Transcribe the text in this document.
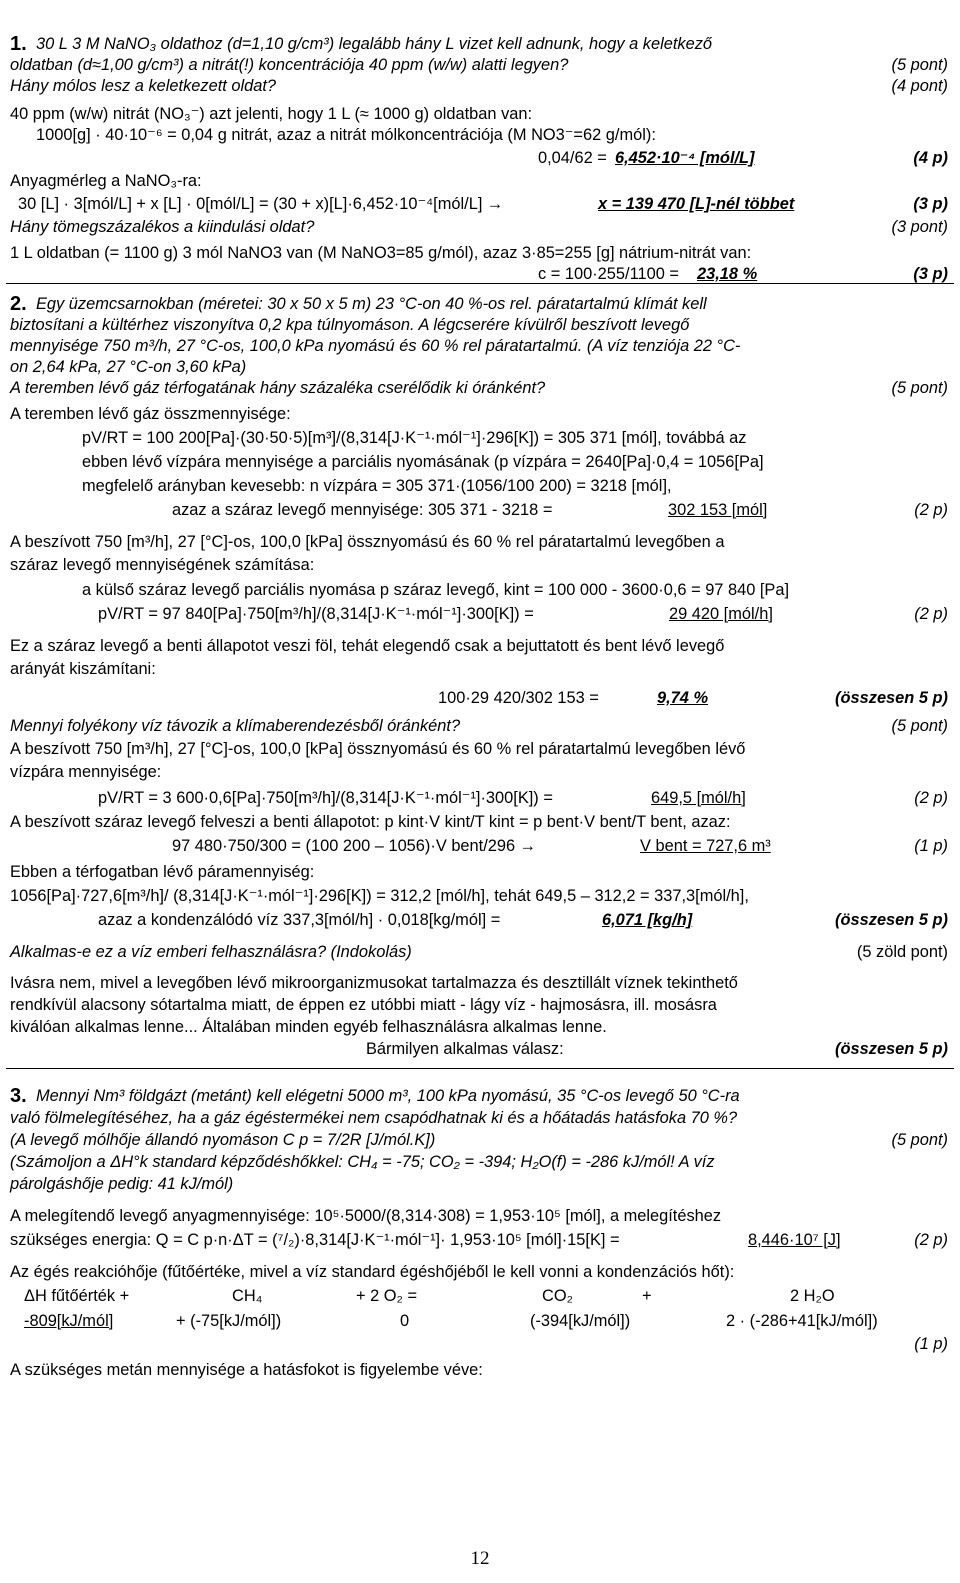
1. 30 L 3 M NaNO₃ oldathoz (d=1,10 g/cm³) legalább hány L vizet kell adnunk, hogy a keletkező
oldatban (d≈1,00 g/cm³) a nitrát(!) koncentrációja 40 ppm (w/w) alatti legyen?	(5 pont)
Hány mólos lesz a keletkezett oldat?	(4 pont)
40 ppm (w/w) nitrát (NO₃⁻) azt jelenti, hogy 1 L (≈ 1000 g) oldatban van:
1000[g] · 40·10⁻⁶ = 0,04 g nitrát, azaz a nitrát mólkoncentrációja (M NO3⁻=62 g/mól):
0,04/62 = 6,452·10⁻⁴ [mól/L]	(4 p)
Anyagmérleg a NaNO₃-ra:
30 [L] · 3[mól/L] + x [L] · 0[mól/L] = (30 + x)[L]·6,452·10⁻⁴[mól/L] →	x = 139 470 [L]-nél többet	(3 p)
Hány tömegszázalékos a kiindulási oldat?	(3 pont)
1 L oldatban (= 1100 g) 3 mól NaNO3 van (M NaNO3=85 g/mól), azaz 3·85=255 [g] nátrium-nitrát van:
c = 100·255/1100 = 23,18 %	(3 p)
2. Egy üzemcsarnokban (méretei: 30 x 50 x 5 m) 23 °C-on 40 %-os rel. páratartalmú klímát kell
biztosítani a kültérhez viszonyítva 0,2 kpa túlnyomáson. A légcserére kívülről beszívott levegő
mennyisége 750 m³/h, 27 °C-os, 100,0 kPa nyomású és 60 % rel páratartalmú. (A víz tenziója 22 °C-
on 2,64 kPa, 27 °C-on 3,60 kPa)
A teremben lévő gáz térfogatának hány százaléka cserélődik ki óránként?	(5 pont)
A teremben lévő gáz összmennyisége:
pV/RT = 100 200[Pa]·(30·50·5)[m³]/(8,314[J·K⁻¹·mól⁻¹]·296[K]) = 305 371 [mól], továbbá az
ebben lévő vízpára mennyisége a parciális nyomásának (p vízpára = 2640[Pa]·0,4 = 1056[Pa]
megfelelő arányban kevesebb: n vízpára = 305 371·(1056/100 200) = 3218 [mól],
azaz a száraz levegő mennyisége: 305 371 - 3218 =	302 153 [mól]	(2 p)
A beszívott 750 [m³/h], 27 [°C]-os, 100,0 [kPa] össznyomású és 60 % rel páratartalmú levegőben a
száraz levegő mennyiségének számítása:
a külső száraz levegő parciális nyomása p száraz levegő, kint = 100 000 - 3600·0,6 = 97 840 [Pa]
pV/RT = 97 840[Pa]·750[m³/h]/(8,314[J·K⁻¹·mól⁻¹]·300[K]) =	29 420 [mól/h]	(2 p)
Ez a száraz levegő a benti állapotot veszi föl, tehát elegendő csak a bejuttatott és bent lévő levegő
arányát kiszámítani:
100·29 420/302 153 =	9,74 %	(összesen 5 p)
Mennyi folyékony víz távozik a klímaberendezésből óránként?	(5 pont)
A beszívott 750 [m³/h], 27 [°C]-os, 100,0 [kPa] össznyomású és 60 % rel páratartalmú levegőben lévő
vízpára mennyisége:
pV/RT = 3 600·0,6[Pa]·750[m³/h]/(8,314[J·K⁻¹·mól⁻¹]·300[K]) =	649,5 [mól/h]	(2 p)
A beszívott száraz levegő felveszi a benti állapotot: p kint·V kint/T kint = p bent·V bent/T bent, azaz:
97 480·750/300 = (100 200 – 1056)·V bent/296 →	V bent = 727,6 m³	(1 p)
Ebben a térfogatban lévő páramennyiség:
1056[Pa]·727,6[m³/h]/ (8,314[J·K⁻¹·mól⁻¹]·296[K]) = 312,2 [mól/h], tehát 649,5 – 312,2 = 337,3[mól/h],
azaz a kondenzálódó víz 337,3[mól/h] · 0,018[kg/mól] =	6,071 [kg/h]	(összesen 5 p)
Alkalmas-e ez a víz emberi felhasználásra? (Indokolás)	(5 zöld pont)
Ivásra nem, mivel a levegőben lévő mikroorganizmusokat tartalmazza és desztillált víznek tekinthető
rendkívül alacsony sótartalma miatt, de éppen ez utóbbi miatt - lágy víz - hajmosásra, ill. mosásra
kiválóan alkalmas lenne... Általában minden egyéb felhasználásra alkalmas lenne.
Bármilyen alkalmas válasz:	(összesen 5 p)
3. Mennyi Nm³ földgázt (metánt) kell elégetni 5000 m³, 100 kPa nyomású, 35 °C-os levegő 50 °C-ra
való fölmelegítéséhez, ha a gáz égéstermékei nem csapódhatnak ki és a hőátadás hatásfoka 70 %?
(A levegő mólhője állandó nyomáson C p = 7/2R [J/mól.K])	(5 pont)
(Számoljon a ΔH°k standard képződéshőkkel: CH₄ = -75; CO₂ = -394; H₂O(f) = -286 kJ/mól! A víz
párolgáshője pedig: 41 kJ/mól)
A melegítendő levegő anyagmennyisége: 10⁵·5000/(8,314·308) = 1,953·10⁵ [mól], a melegítéshez
szükséges energia: Q = C p·n·ΔT = (⁷/₂)·8,314[J·K⁻¹·mól⁻¹]· 1,953·10⁵ [mól]·15[K] =	8,446·10⁷ [J]	(2 p)
Az égés reakcióhője (fűtőértéke, mivel a víz standard égéshőjéből le kell vonni a kondenzációs hőt):
ΔH fűtőérték +	CH₄	+ 2 O₂ =	CO₂	+	2 H₂O
-809[kJ/mól]	+ (-75[kJ/mól])	0	(-394[kJ/mól])	2 · (-286+41[kJ/mól])
(1 p)
A szükséges metán mennyisége a hatásfokot is figyelembe véve:
12
